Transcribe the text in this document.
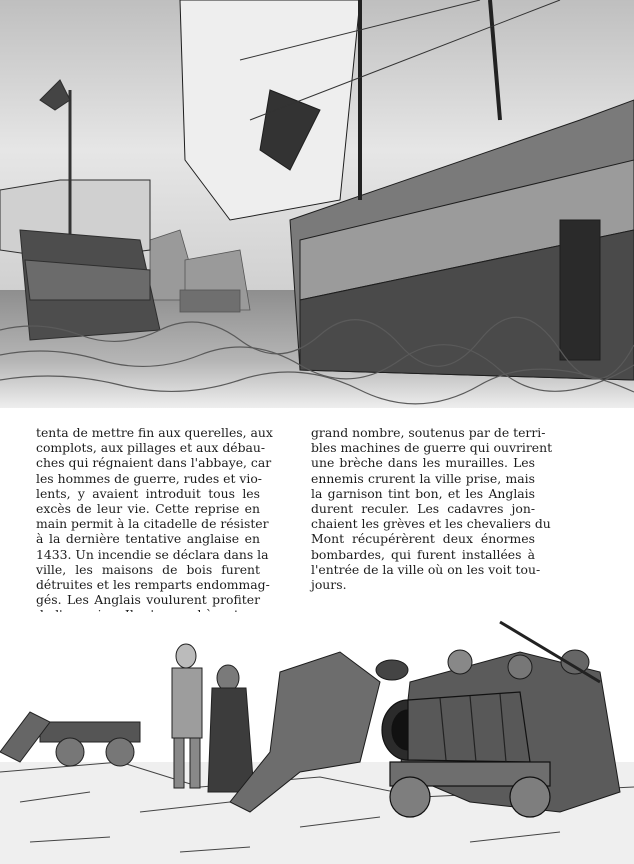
tenta de mettre fin aux querelles, aux
complots, aux pillages et aux débau-
ches qui régnaient dans l'abbaye, car
les hommes de guerre, rudes et vio-
lents, y avaient introduit tous les
excès de leur vie. Cette reprise en
main permit à la citadelle de résister
à la dernière tentative anglaise en
1433. Un incendie se déclara dans la
ville, les maisons de bois furent
détruites et les remparts endommag-
gés. Les Anglais voulurent profiter
de l'occasion. Ils s'approchèrent en
grand nombre, soutenus par de terri-
bles machines de guerre qui ouvrirent
une brèche dans les murailles. Les
ennemis crurent la ville prise, mais
la garnison tint bon, et les Anglais
durent reculer. Les cadavres jon-
chaient les grèves et les chevaliers du
Mont récupérèrent deux énormes
bombardes, qui furent installées à
l'entrée de la ville où on les voit tou-
jours.
